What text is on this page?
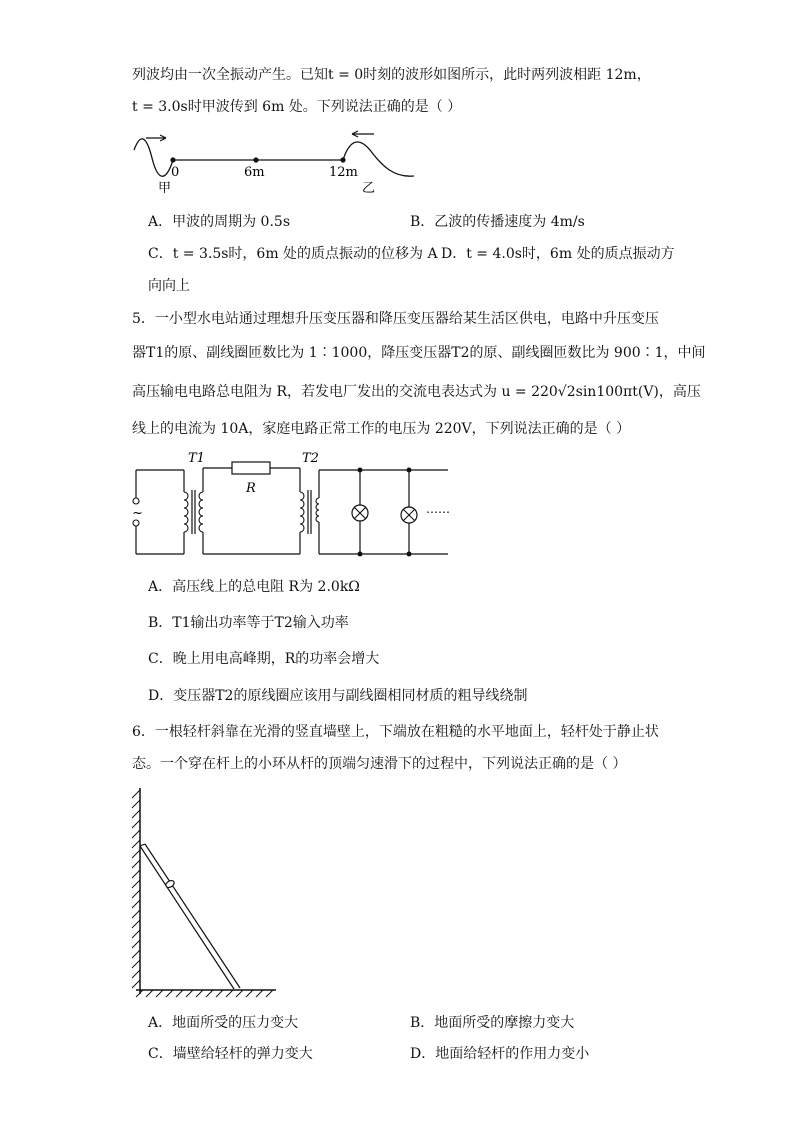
列波均由一次全振动产生。已知t = 0时刻的波形如图所示，此时两列波相距 12m，
t = 3.0s时甲波传到 6m 处。下列说法正确的是（ ）
0	6m	12m
甲	乙
A．甲波的周期为 0.5s	B．乙波的传播速度为 4m/s
C．t = 3.5s时，6m 处的质点振动的位移为 A D．t = 4.0s时，6m 处的质点振动方
向向上
5．一小型水电站通过理想升压变压器和降压变压器给某生活区供电，电路中升压变压
器T1的原、副线圈匝数比为 1∶1000，降压变压器T2的原、副线圈匝数比为 900∶1，中间
高压输电电路总电阻为 R，若发电厂发出的交流电表达式为 u = 220√2sin100πt(V)，高压
线上的电流为 10A，家庭电路正常工作的电压为 220V，下列说法正确的是（ ）
~
T1
R
T2
……
A．高压线上的总电阻 R为 2.0kΩ
B．T1输出功率等于T2输入功率
C．晚上用电高峰期，R的功率会增大
D．变压器T2的原线圈应该用与副线圈相同材质的粗导线绕制
6．一根轻杆斜靠在光滑的竖直墙壁上，下端放在粗糙的水平地面上，轻杆处于静止状
态。一个穿在杆上的小环从杆的顶端匀速滑下的过程中，下列说法正确的是（ ）
A．地面所受的压力变大	B．地面所受的摩擦力变大
C．墙壁给轻杆的弹力变大	D．地面给轻杆的作用力变小
